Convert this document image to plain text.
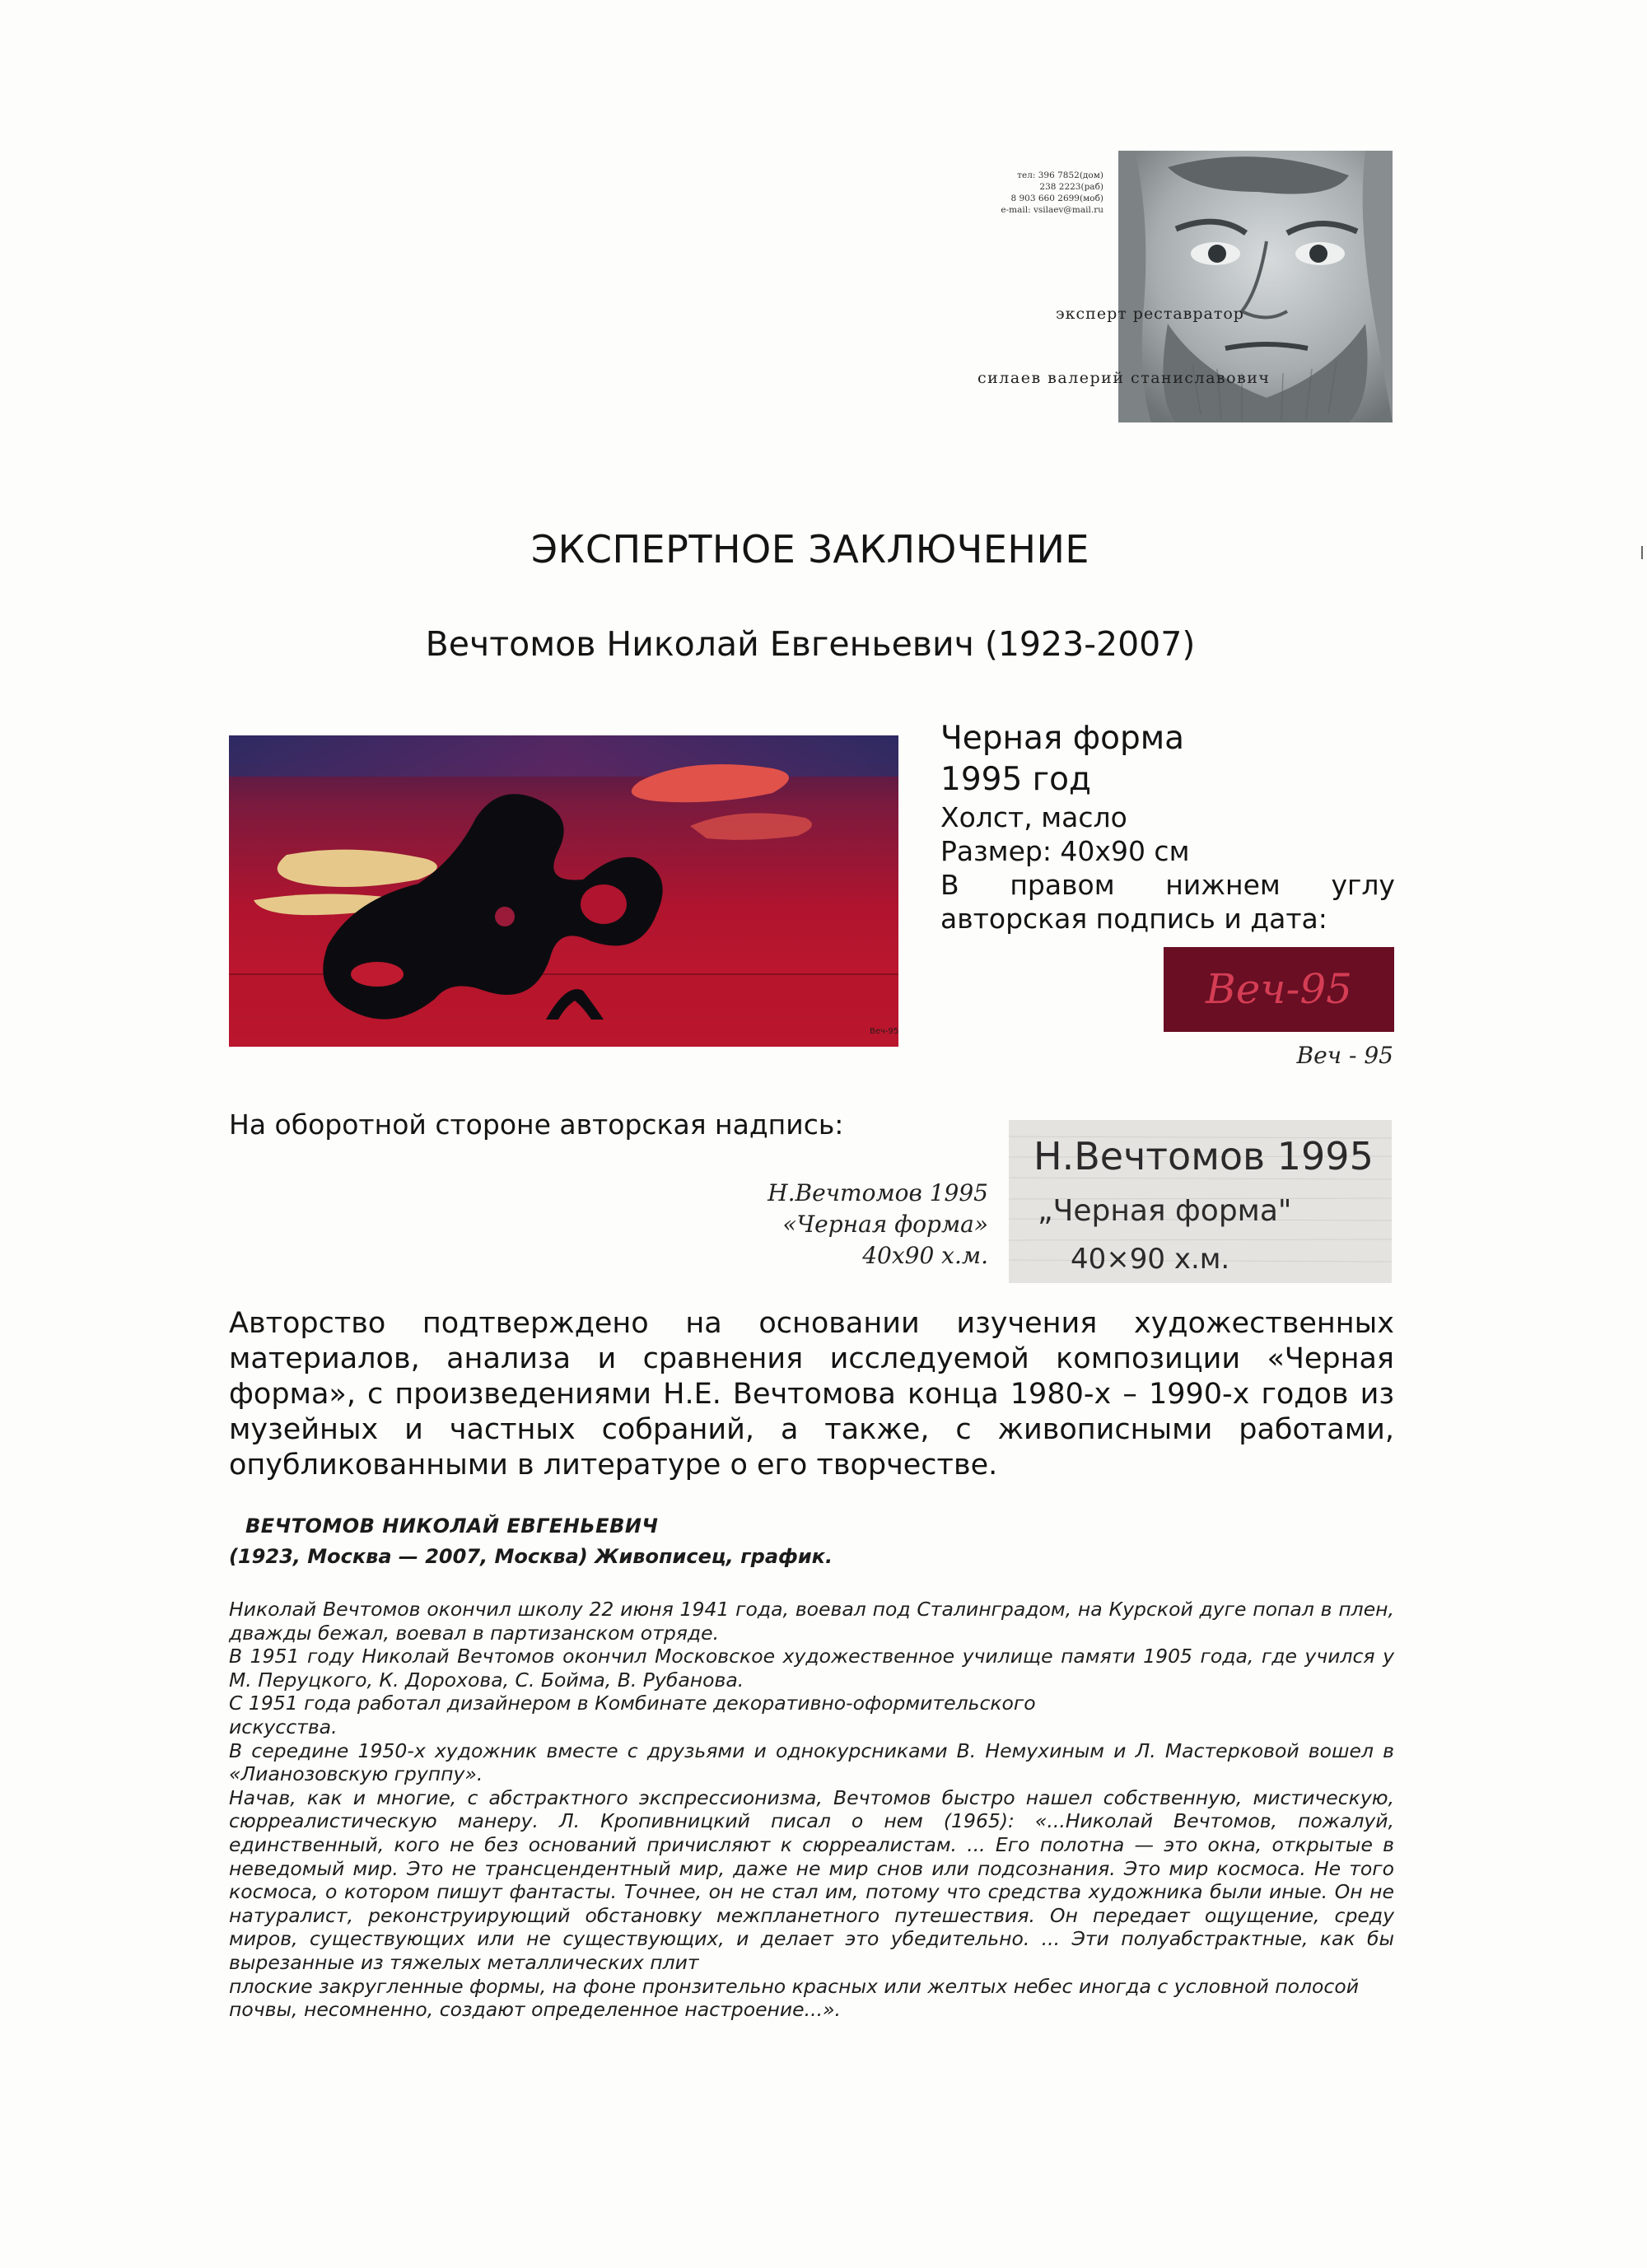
тел: 396 7852(дом)
238 2223(раб)
8 903 660 2699(моб)
e-mail: vsilaev@mail.ru
эксперт реставратор
силаев валерий станиславович
ЭКСПЕРТНОЕ ЗАКЛЮЧЕНИЕ
Вечтомов Николай Евгеньевич (1923-2007)
Веч-95
Черная форма
1995 год
Холст, масло
Размер: 40x90 см
В правом нижнем углу
авторская подпись и дата:
Веч-95
Веч - 95
На оборотной стороне авторская надпись:
Н.Вечтомов 1995
«Черная форма»
40x90 х.м.
Н.Вечтомов 1995
„Черная форма"
40×90 х.м.
Авторство подтверждено на основании изучения художественных материалов, анализа и сравнения исследуемой композиции «Черная форма», с произведениями Н.Е. Вечтомова конца 1980-х – 1990-х годов из музейных и частных собраний, а также, с живописными работами, опубликованными в литературе о его творчестве.
ВЕЧТОМОВ НИКОЛАЙ ЕВГЕНЬЕВИЧ
(1923, Москва — 2007, Москва) Живописец, график.

Николай Вечтомов окончил школу 22 июня 1941 года, воевал под Сталинградом, на Курской дуге попал в плен, дважды бежал, воевал в партизанском отряде.

В 1951 году Николай Вечтомов окончил Московское художественное училище памяти 1905 года, где учился у М. Перуцкого, К. Дорохова, С. Бойма, В. Рубанова.

С 1951 года работал дизайнером в Комбинате декоративно-оформительского искусства.

В середине 1950-х художник вместе с друзьями и однокурсниками В. Немухиным и Л. Мастерковой вошел в «Лианозовскую группу».

Начав, как и многие, с абстрактного экспрессионизма, Вечтомов быстро нашел собственную, мистическую, сюрреалистическую манеру. Л. Кропивницкий писал о нем (1965): «...Николай Вечтомов, пожалуй, единственный, кого не без оснований причисляют к сюрреалистам. ... Его полотна — это окна, открытые в неведомый мир. Это не трансцендентный мир, даже не мир снов или подсознания. Это мир космоса. Не того космоса, о котором пишут фантасты. Точнее, он не стал им, потому что средства художника были иные. Он не натуралист, реконструирующий обстановку межпланетного путешествия. Он передает ощущение, среду миров, существующих или не существующих, и делает это убедительно. ... Эти полуабстрактные, как бы вырезанные из тяжелых металлических плит

плоские закругленные формы, на фоне пронзительно красных или желтых небес иногда с условной полосой почвы, несомненно, создают определенное настроение...».
